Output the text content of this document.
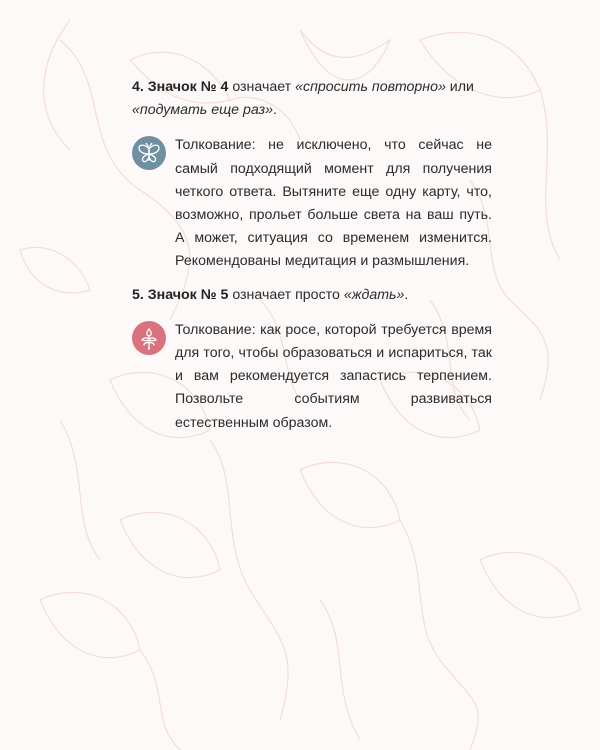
4. Значок № 4 означает «спросить повторно» или «подумать еще раз».

Толкование: не исключено, что сейчас не самый подходящий момент для получения четкого ответа. Вытяните еще одну карту, что, возможно, прольет больше света на ваш путь. А может, ситуация со временем изменится. Рекомендованы медитация и размышления.

5. Значок № 5 означает просто «ждать».

Толкование: как росе, которой требуется время для того, чтобы образоваться и испариться, так и вам рекомендуется запастись терпением. Позвольте событиям развиваться естественным образом.
